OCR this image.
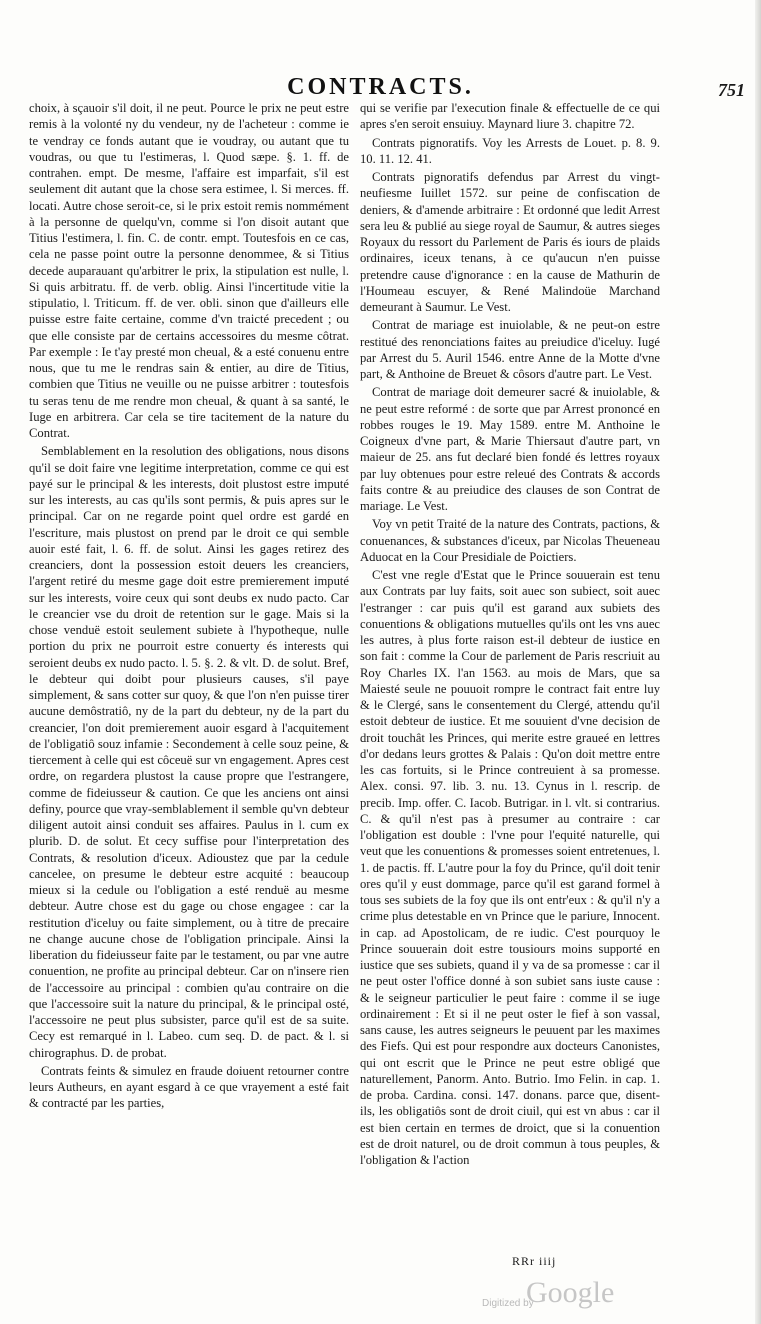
CONTRACTS.	751

choix, à sçauoir s'il doit, il ne peut. Pource le prix ne peut estre remis à la volonté ny du vendeur, ny de l'acheteur : comme ie te vendray ce fonds autant que ie voudray, ou autant que tu voudras, ou que tu l'estimeras, l. Quod sæpe. §. 1. ff. de contrahen. empt. De mesme, l'affaire est imparfait, s'il est seulement dit autant que la chose sera estimee, l. Si merces. ff. locati. Autre chose seroit-ce, si le prix estoit remis nommément à la personne de quelqu'vn, comme si l'on disoit autant que Titius l'estimera, l. fin. C. de contr. empt. Toutesfois en ce cas, cela ne passe point outre la personne denommee, & si Titius decede auparauant qu'arbitrer le prix, la stipulation est nulle, l. Si quis arbitratu. ff. de verb. oblig. Ainsi l'incertitude vitie la stipulatio, l. Triticum. ff. de ver. obli. sinon que d'ailleurs elle puisse estre faite certaine, comme d'vn traicté precedent ; ou que elle consiste par de certains accessoires du mesme côtrat. Par exemple : Ie t'ay presté mon cheual, & a esté conuenu entre nous, que tu me le rendras sain & entier, au dire de Titius, combien que Titius ne veuille ou ne puisse arbitrer : toutesfois tu seras tenu de me rendre mon cheual, & quant à sa santé, le Iuge en arbitrera. Car cela se tire tacitement de la nature du Contrat.

Semblablement en la resolution des obligations, nous disons qu'il se doit faire vne legitime interpretation, comme ce qui est payé sur le principal & les interests, doit plustost estre imputé sur les interests, au cas qu'ils sont permis, & puis apres sur le principal. Car on ne regarde point quel ordre est gardé en l'escriture, mais plustost on prend par le droit ce qui semble auoir esté fait, l. 6. ff. de solut. Ainsi les gages retirez des creanciers, dont la possession estoit deuers les creanciers, l'argent retiré du mesme gage doit estre premierement imputé sur les interests, voire ceux qui sont deubs ex nudo pacto. Car le creancier vse du droit de retention sur le gage. Mais si la chose venduë estoit seulement subiete à l'hypotheque, nulle portion du prix ne pourroit estre conuerty és interests qui seroient deubs ex nudo pacto. l. 5. §. 2. & vlt. D. de solut. Bref, le debteur qui doibt pour plusieurs causes, s'il paye simplement, & sans cotter sur quoy, & que l'on n'en puisse tirer aucune demôstratiô, ny de la part du debteur, ny de la part du creancier, l'on doit premierement auoir esgard à l'acquitement de l'obligatiô souz infamie : Secondement à celle souz peine, & tiercement à celle qui est côceuë sur vn engagement. Apres cest ordre, on regardera plustost la cause propre que l'estrangere, comme de fideiusseur & caution. Ce que les anciens ont ainsi definy, pource que vray-semblablement il semble qu'vn debteur diligent autoit ainsi conduit ses affaires. Paulus in l. cum ex plurib. D. de solut. Et cecy suffise pour l'interpretation des Contrats, & resolution d'iceux. Adioustez que par la cedule cancelee, on presume le debteur estre acquité : beaucoup mieux si la cedule ou l'obligation a esté renduë au mesme debteur. Autre chose est du gage ou chose engagee : car la restitution d'iceluy ou faite simplement, ou à titre de precaire ne change aucune chose de l'obligation principale. Ainsi la liberation du fideiusseur faite par le testament, ou par vne autre conuention, ne profite au principal debteur. Car on n'insere rien de l'accessoire au principal : combien qu'au contraire on die que l'accessoire suit la nature du principal, & le principal osté, l'accessoire ne peut plus subsister, parce qu'il est de sa suite. Cecy est remarqué in l. Labeo. cum seq. D. de pact. & l. si chirographus. D. de probat.

Contrats feints & simulez en fraude doiuent retourner contre leurs Autheurs, en ayant esgard à ce que vrayement a esté fait & contracté par les parties,

qui se verifie par l'execution finale & effectuelle de ce qui apres s'en seroit ensuiuy. Maynard liure 3. chapitre 72.

Contrats pignoratifs. Voy les Arrests de Louet. p. 8. 9. 10. 11. 12. 41.

Contrats pignoratifs defendus par Arrest du vingt-neufiesme Iuillet 1572. sur peine de confiscation de deniers, & d'amende arbitraire : Et ordonné que ledit Arrest sera leu & publié au siege royal de Saumur, & autres sieges Royaux du ressort du Parlement de Paris és iours de plaids ordinaires, iceux tenans, à ce qu'aucun n'en puisse pretendre cause d'ignorance : en la cause de Mathurin de l'Houmeau escuyer, & René Malindoüe Marchand demeurant à Saumur. Le Vest.

Contrat de mariage est inuiolable, & ne peut-on estre restitué des renonciations faites au preiudice d'iceluy. Iugé par Arrest du 5. Auril 1546. entre Anne de la Motte d'vne part, & Anthoine de Breuet & côsors d'autre part. Le Vest.

Contrat de mariage doit demeurer sacré & inuiolable, & ne peut estre reformé : de sorte que par Arrest prononcé en robbes rouges le 19. May 1589. entre M. Anthoine le Coigneux d'vne part, & Marie Thiersaut d'autre part, vn maieur de 25. ans fut declaré bien fondé és lettres royaux par luy obtenues pour estre releué des Contrats & accords faits contre & au preiudice des clauses de son Contrat de mariage. Le Vest.

Voy vn petit Traité de la nature des Contrats, pactions, & conuenances, & substances d'iceux, par Nicolas Theueneau Aduocat en la Cour Presidiale de Poictiers.

C'est vne regle d'Estat que le Prince souuerain est tenu aux Contrats par luy faits, soit auec son subiect, soit auec l'estranger : car puis qu'il est garand aux subiets des conuentions & obligations mutuelles qu'ils ont les vns auec les autres, à plus forte raison est-il debteur de iustice en son fait : comme la Cour de parlement de Paris rescriuit au Roy Charles IX. l'an 1563. au mois de Mars, que sa Maiesté seule ne pouuoit rompre le contract fait entre luy & le Clergé, sans le consentement du Clergé, attendu qu'il estoit debteur de iustice. Et me souuient d'vne decision de droit touchât les Princes, qui merite estre graueé en lettres d'or dedans leurs grottes & Palais : Qu'on doit mettre entre les cas fortuits, si le Prince contreuient à sa promesse. Alex. consi. 97. lib. 3. nu. 13. Cynus in l. rescrip. de precib. Imp. offer. C. Iacob. Butrigar. in l. vlt. si contrarius. C. & qu'il n'est pas à presumer au contraire : car l'obligation est double : l'vne pour l'equité naturelle, qui veut que les conuentions & promesses soient entretenues, l. 1. de pactis. ff. L'autre pour la foy du Prince, qu'il doit tenir ores qu'il y eust dommage, parce qu'il est garand formel à tous ses subiets de la foy que ils ont entr'eux : & qu'il n'y a crime plus detestable en vn Prince que le pariure, Innocent. in cap. ad Apostolicam, de re iudic. C'est pourquoy le Prince souuerain doit estre tousiours moins supporté en iustice que ses subiets, quand il y va de sa promesse : car il ne peut oster l'office donné à son subiet sans iuste cause : & le seigneur particulier le peut faire : comme il se iuge ordinairement : Et si il ne peut oster le fief à son vassal, sans cause, les autres seigneurs le peuuent par les maximes des Fiefs. Qui est pour respondre aux docteurs Canonistes, qui ont escrit que le Prince ne peut estre obligé que naturellement, Panorm. Anto. Butrio. Imo Felin. in cap. 1. de proba. Cardina. consi. 147. donans. parce que, disent-ils, les obligatiôs sont de droit ciuil, qui est vn abus : car il est bien certain en termes de droict, que si la conuention est de droit naturel, ou de droit commun à tous peuples, & l'obligation & l'action

RRr iiij
Digitized by
Google
